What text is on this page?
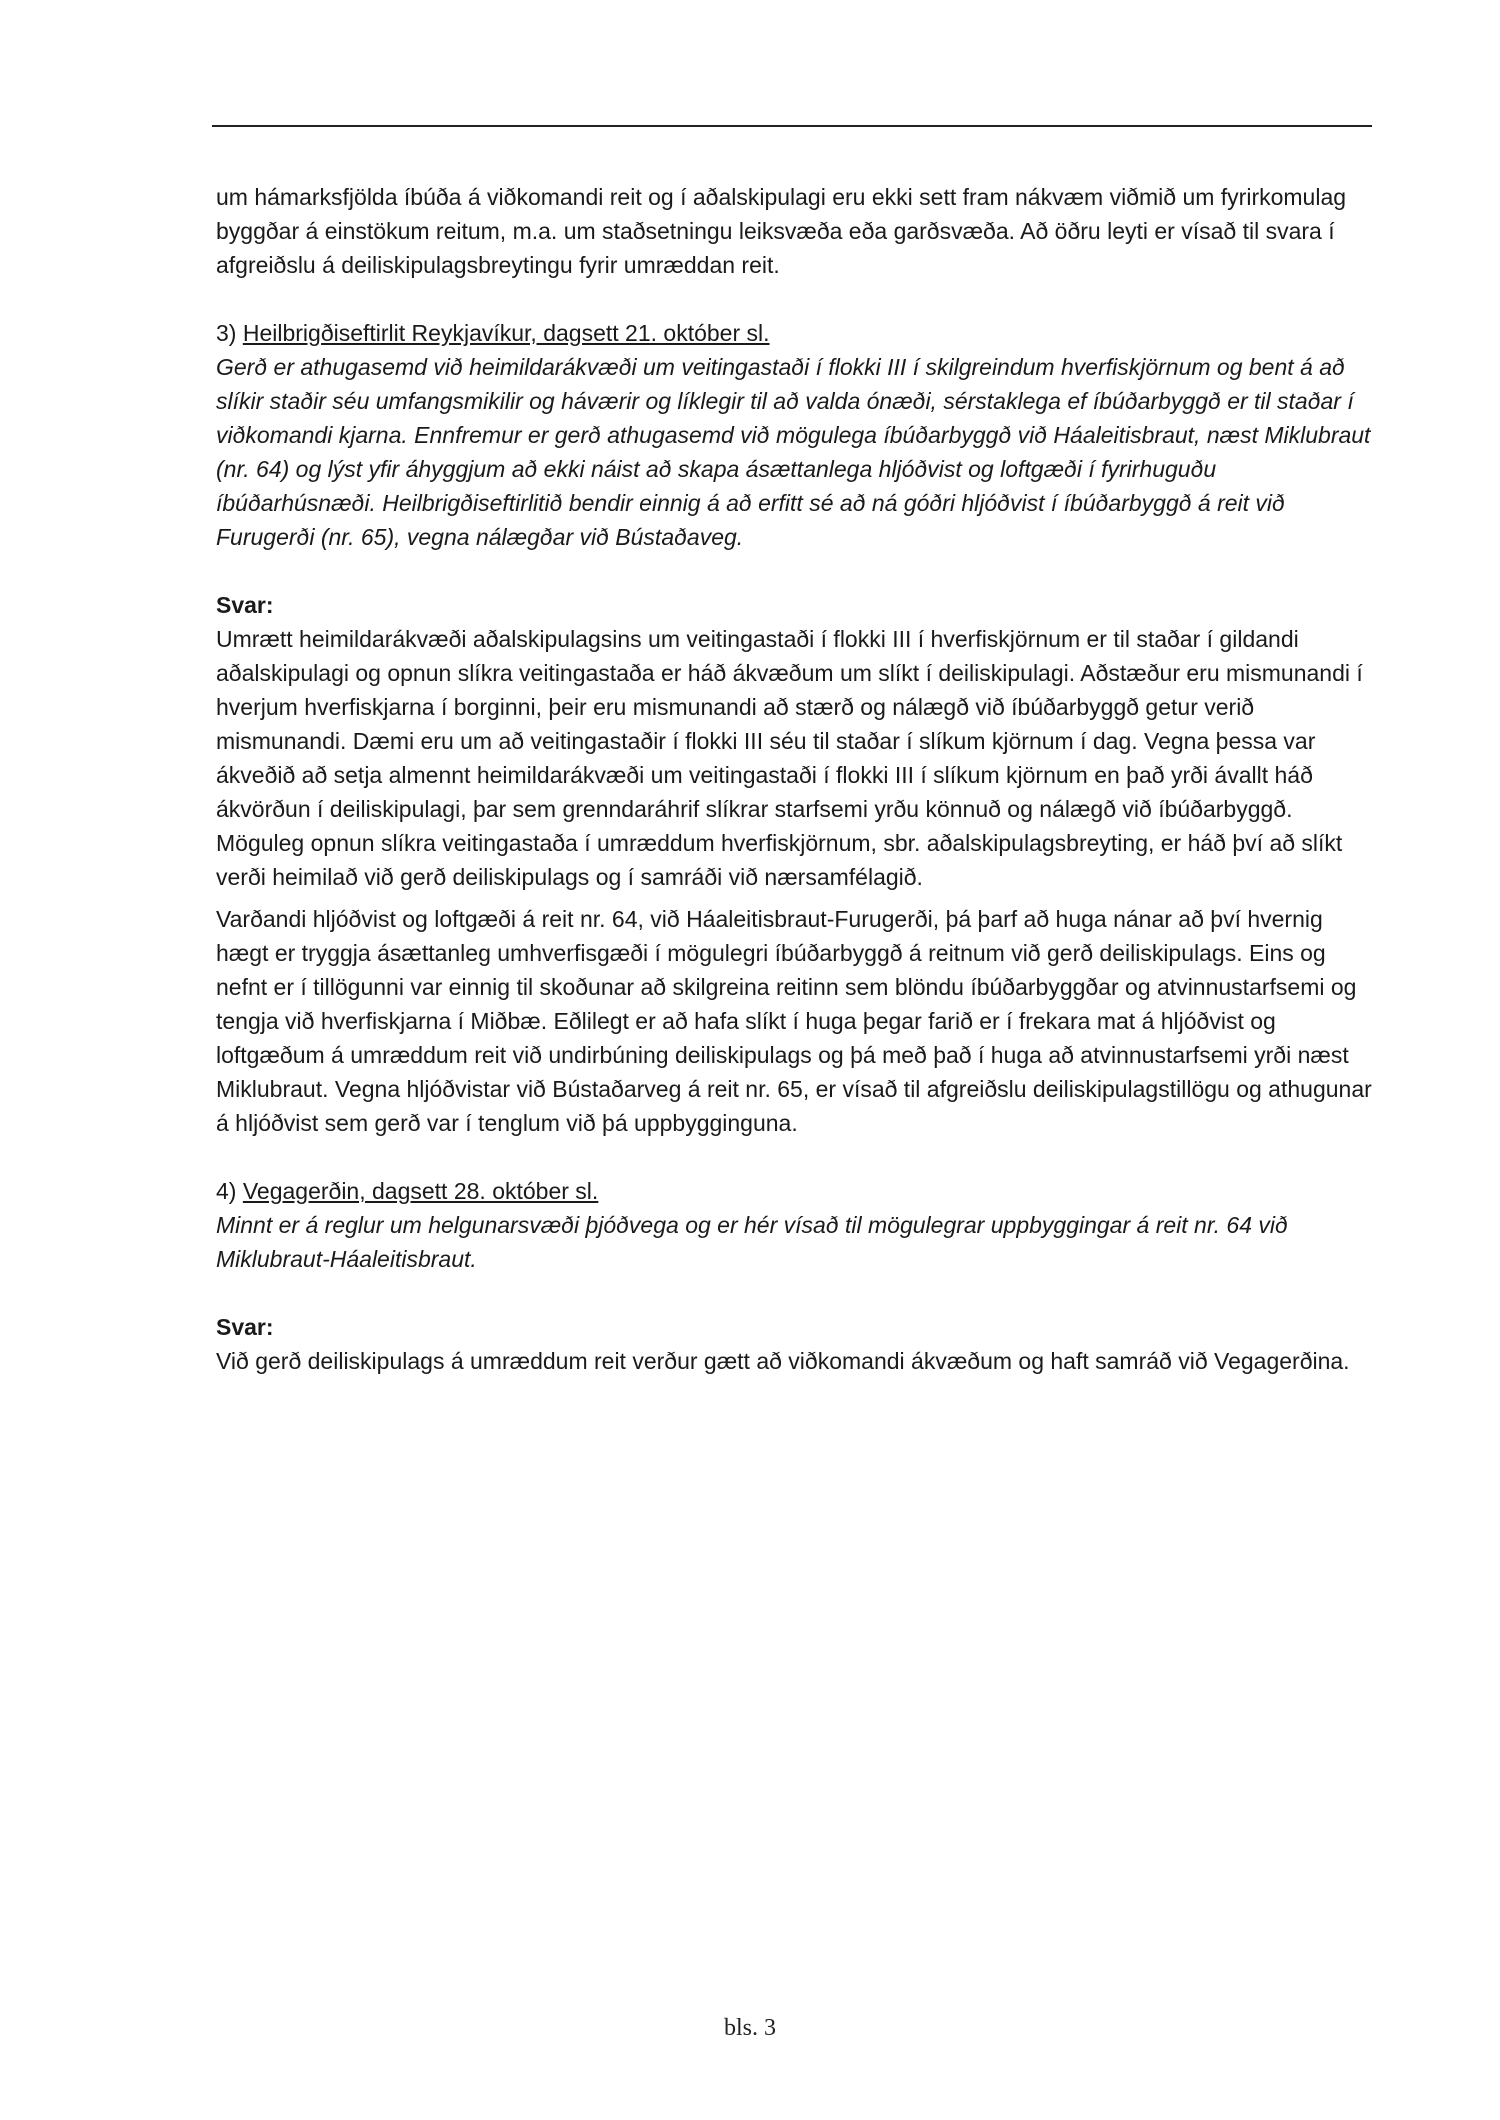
um hámarksfjölda íbúða á viðkomandi reit og í aðalskipulagi eru ekki sett fram nákvæm viðmið um fyrirkomulag byggðar á einstökum reitum, m.a. um staðsetningu leiksvæða eða garðsvæða. Að öðru leyti er vísað til svara í afgreiðslu á deiliskipulagsbreytingu fyrir umræddan reit.

3) Heilbrigðiseftirlit Reykjavíkur, dagsett 21. október sl.

Gerð er athugasemd við heimildarákvæði um veitingastaði í flokki III í skilgreindum hverfiskjörnum og bent á að slíkir staðir séu umfangsmikilir og háværir og líklegir til að valda ónæði, sérstaklega ef íbúðarbyggð er til staðar í viðkomandi kjarna. Ennfremur er gerð athugasemd við mögulega íbúðarbyggð við Háaleitisbraut, næst Miklubraut (nr. 64) og lýst yfir áhyggjum að ekki náist að skapa ásættanlega hljóðvist og loftgæði í fyrirhuguðu íbúðarhúsnæði. Heilbrigðiseftirlitið bendir einnig á að erfitt sé að ná góðri hljóðvist í íbúðarbyggð á reit við Furugerði (nr. 65), vegna nálægðar við Bústaðaveg.

Svar:

Umrætt heimildarákvæði aðalskipulagsins um veitingastaði í flokki III í hverfiskjörnum er til staðar í gildandi aðalskipulagi og opnun slíkra veitingastaða er háð ákvæðum um slíkt í deiliskipulagi. Aðstæður eru mismunandi í hverjum hverfiskjarna í borginni, þeir eru mismunandi að stærð og nálægð við íbúðarbyggð getur verið mismunandi. Dæmi eru um að veitingastaðir í flokki III séu til staðar í slíkum kjörnum í dag. Vegna þessa var ákveðið að setja almennt heimildarákvæði um veitingastaði í flokki III í slíkum kjörnum en það yrði ávallt háð ákvörðun í deiliskipulagi, þar sem grenndaráhrif slíkrar starfsemi yrðu könnuð og nálægð við íbúðarbyggð. Möguleg opnun slíkra veitingastaða í umræddum hverfiskjörnum, sbr. aðalskipulagsbreyting, er háð því að slíkt verði heimilað við gerð deiliskipulags og í samráði við nærsamfélagið.

Varðandi hljóðvist og loftgæði á reit nr. 64, við Háaleitisbraut-Furugerði, þá þarf að huga nánar að því hvernig hægt er tryggja ásættanleg umhverfisgæði í mögulegri íbúðarbyggð á reitnum við gerð deiliskipulags. Eins og nefnt er í tillögunni var einnig til skoðunar að skilgreina reitinn sem blöndu íbúðarbyggðar og atvinnustarfsemi og tengja við hverfiskjarna í Miðbæ. Eðlilegt er að hafa slíkt í huga þegar farið er í frekara mat á hljóðvist og loftgæðum á umræddum reit við undirbúning deiliskipulags og þá með það í huga að atvinnustarfsemi yrði næst Miklubraut. Vegna hljóðvistar við Bústaðarveg á reit nr. 65, er vísað til afgreiðslu deiliskipulagstillögu og athugunar á hljóðvist sem gerð var í tenglum við þá uppbygginguna.

4) Vegagerðin, dagsett 28. október sl.

Minnt er á reglur um helgunarsvæði þjóðvega og er hér vísað til mögulegrar uppbyggingar á reit nr. 64 við Miklubraut-Háaleitisbraut.

Svar:

Við gerð deiliskipulags á umræddum reit verður gætt að viðkomandi ákvæðum og haft samráð við Vegagerðina.

bls. 3
